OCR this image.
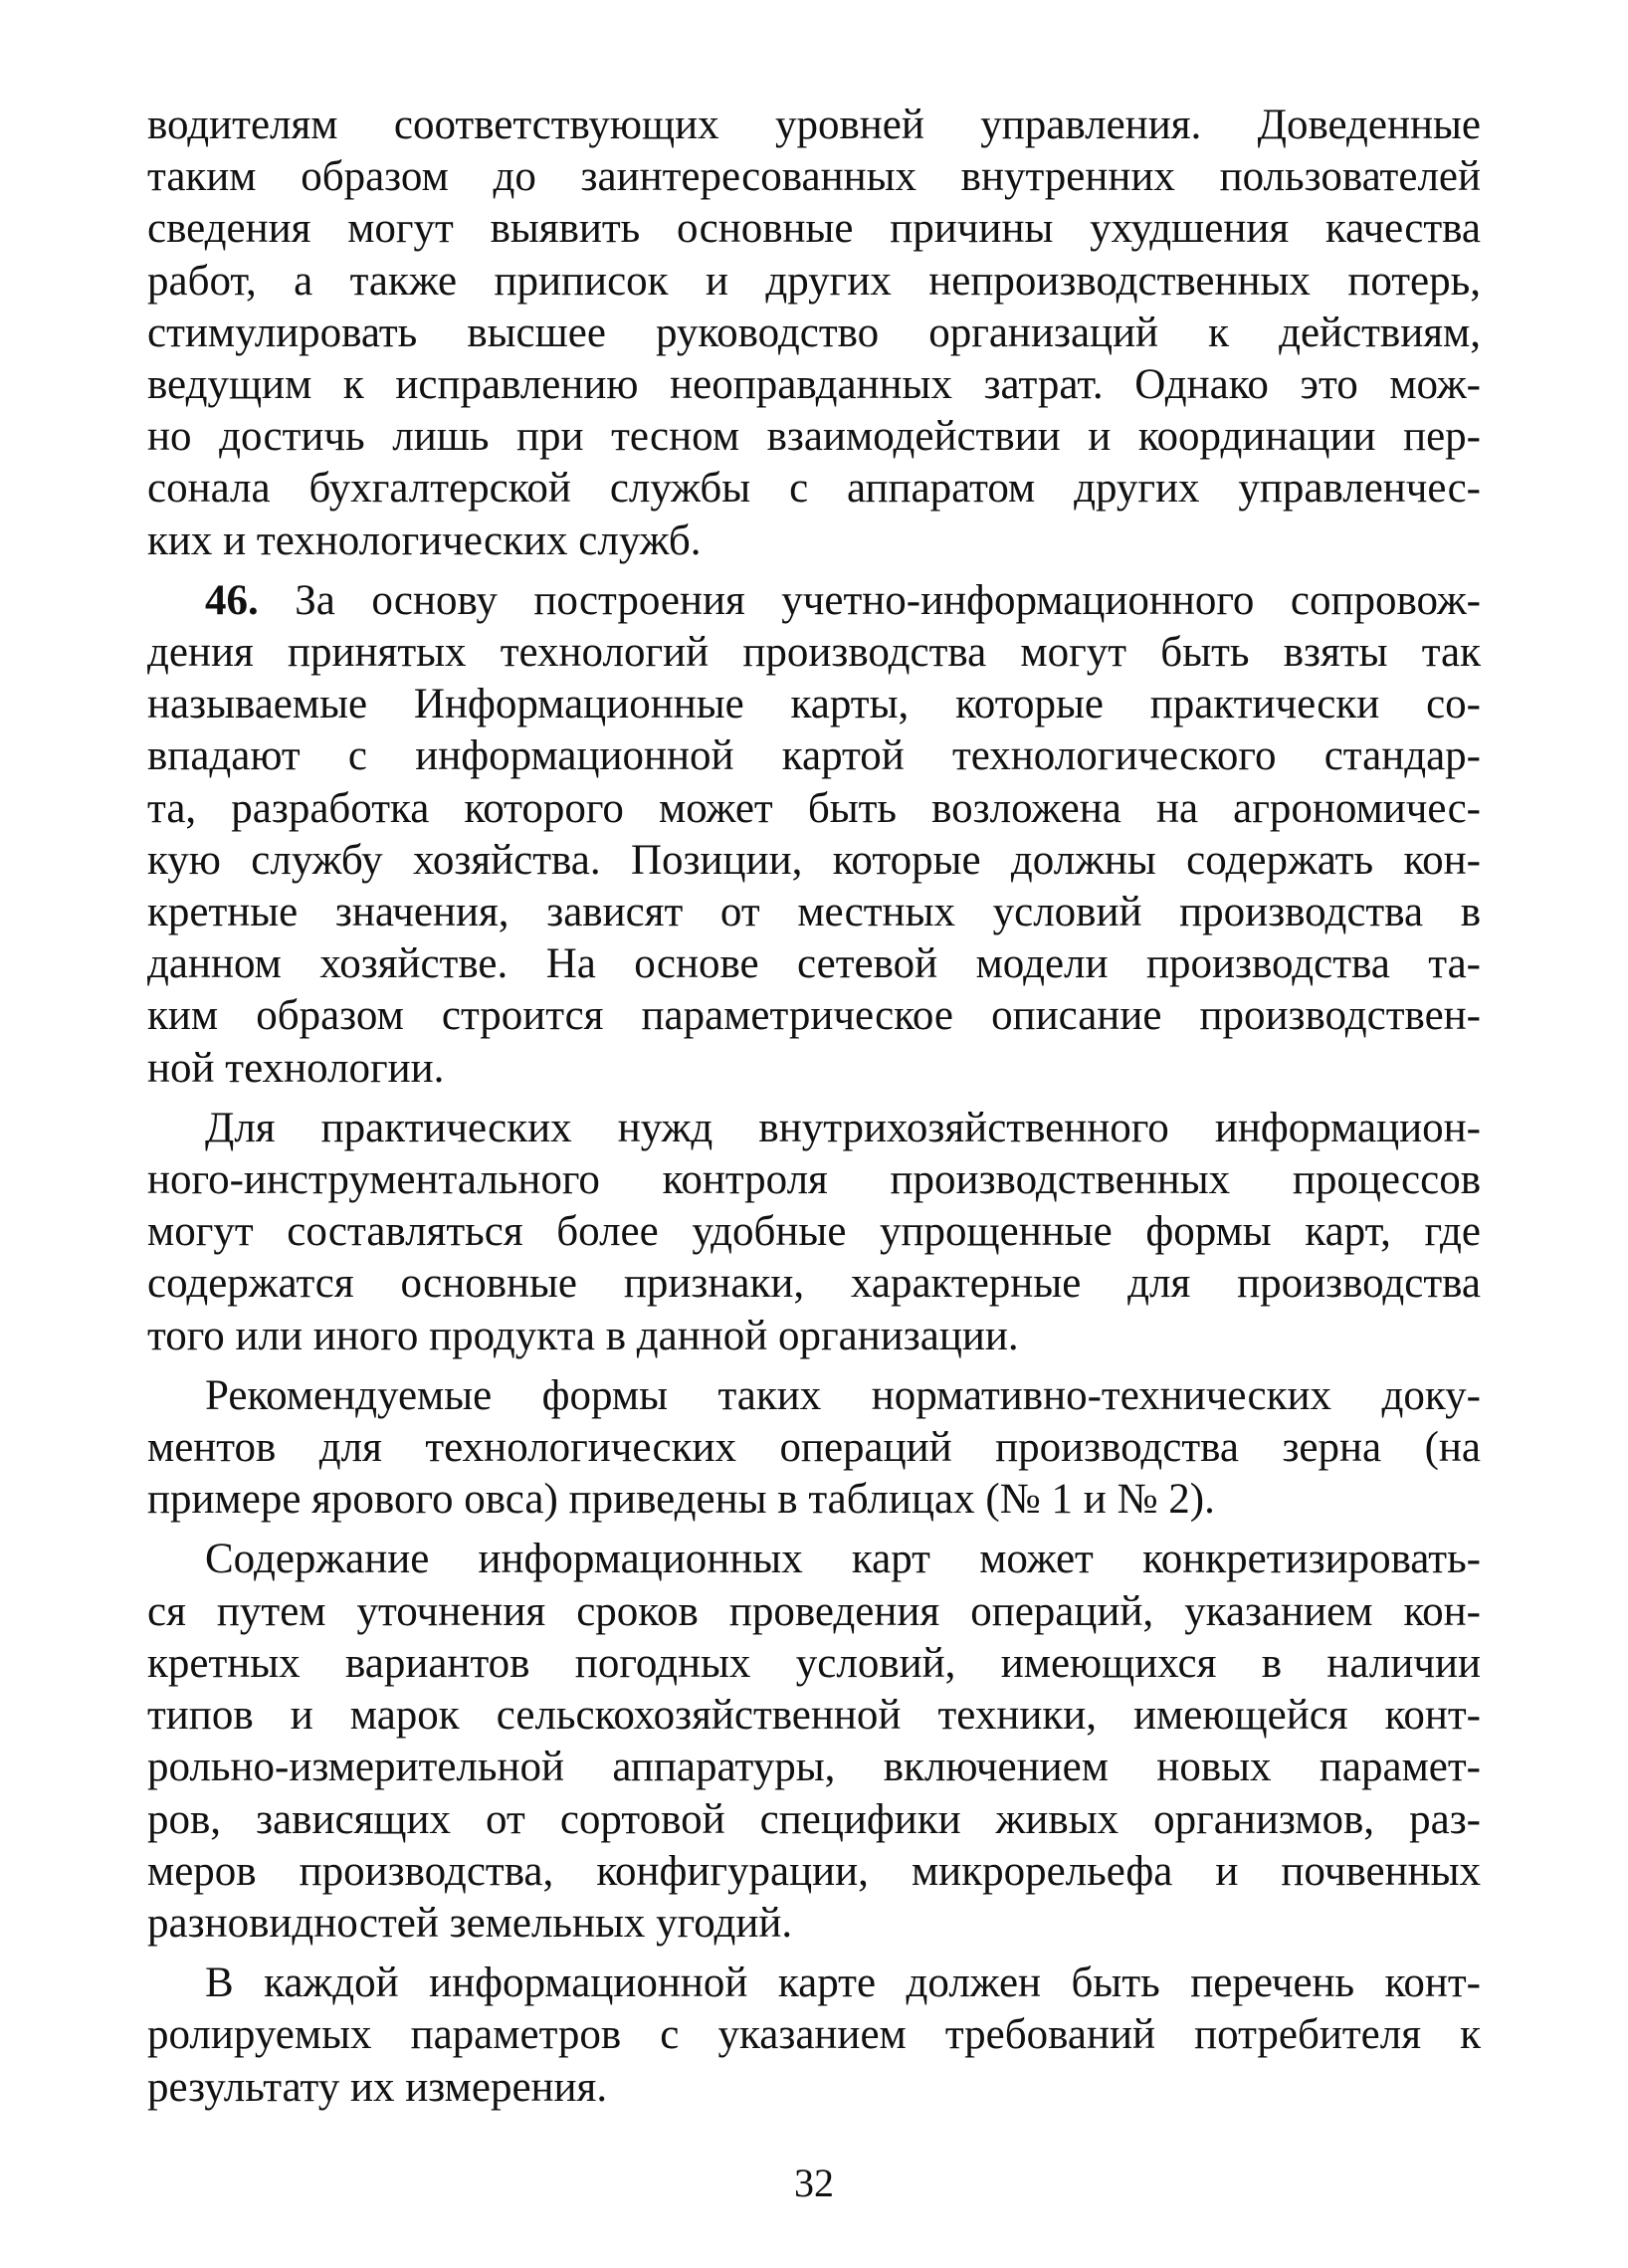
водителям соответствующих уровней управления. Доведенные
таким образом до заинтересованных внутренних пользователей
сведения могут выявить основные причины ухудшения качества
работ, а также приписок и других непроизводственных потерь,
стимулировать высшее руководство организаций к действиям,
ведущим к исправлению неоправданных затрат. Однако это мож-
но достичь лишь при тесном взаимодействии и координации пер-
сонала бухгалтерской службы с аппаратом других управленчес-
ких и технологических служб.

46. За основу построения учетно-информационного сопровож-
дения принятых технологий производства могут быть взяты так
называемые Информационные карты, которые практически со-
впадают с информационной картой технологического стандар-
та, разработка которого может быть возложена на агрономичес-
кую службу хозяйства. Позиции, которые должны содержать кон-
кретные значения, зависят от местных условий производства в
данном хозяйстве. На основе сетевой модели производства та-
ким образом строится параметрическое описание производствен-
ной технологии.

Для практических нужд внутрихозяйственного информацион-
ного-инструментального контроля производственных процессов
могут составляться более удобные упрощенные формы карт, где
содержатся основные признаки, характерные для производства
того или иного продукта в данной организации.

Рекомендуемые формы таких нормативно-технических доку-
ментов для технологических операций производства зерна (на
примере ярового овса) приведены в таблицах (№ 1 и № 2).

Содержание информационных карт может конкретизировать-
ся путем уточнения сроков проведения операций, указанием кон-
кретных вариантов погодных условий, имеющихся в наличии
типов и марок сельскохозяйственной техники, имеющейся конт-
рольно-измерительной аппаратуры, включением новых парамет-
ров, зависящих от сортовой специфики живых организмов, раз-
меров производства, конфигурации, микрорельефа и почвенных
разновидностей земельных угодий.

В каждой информационной карте должен быть перечень конт-
ролируемых параметров с указанием требований потребителя к
результату их измерения.

32
